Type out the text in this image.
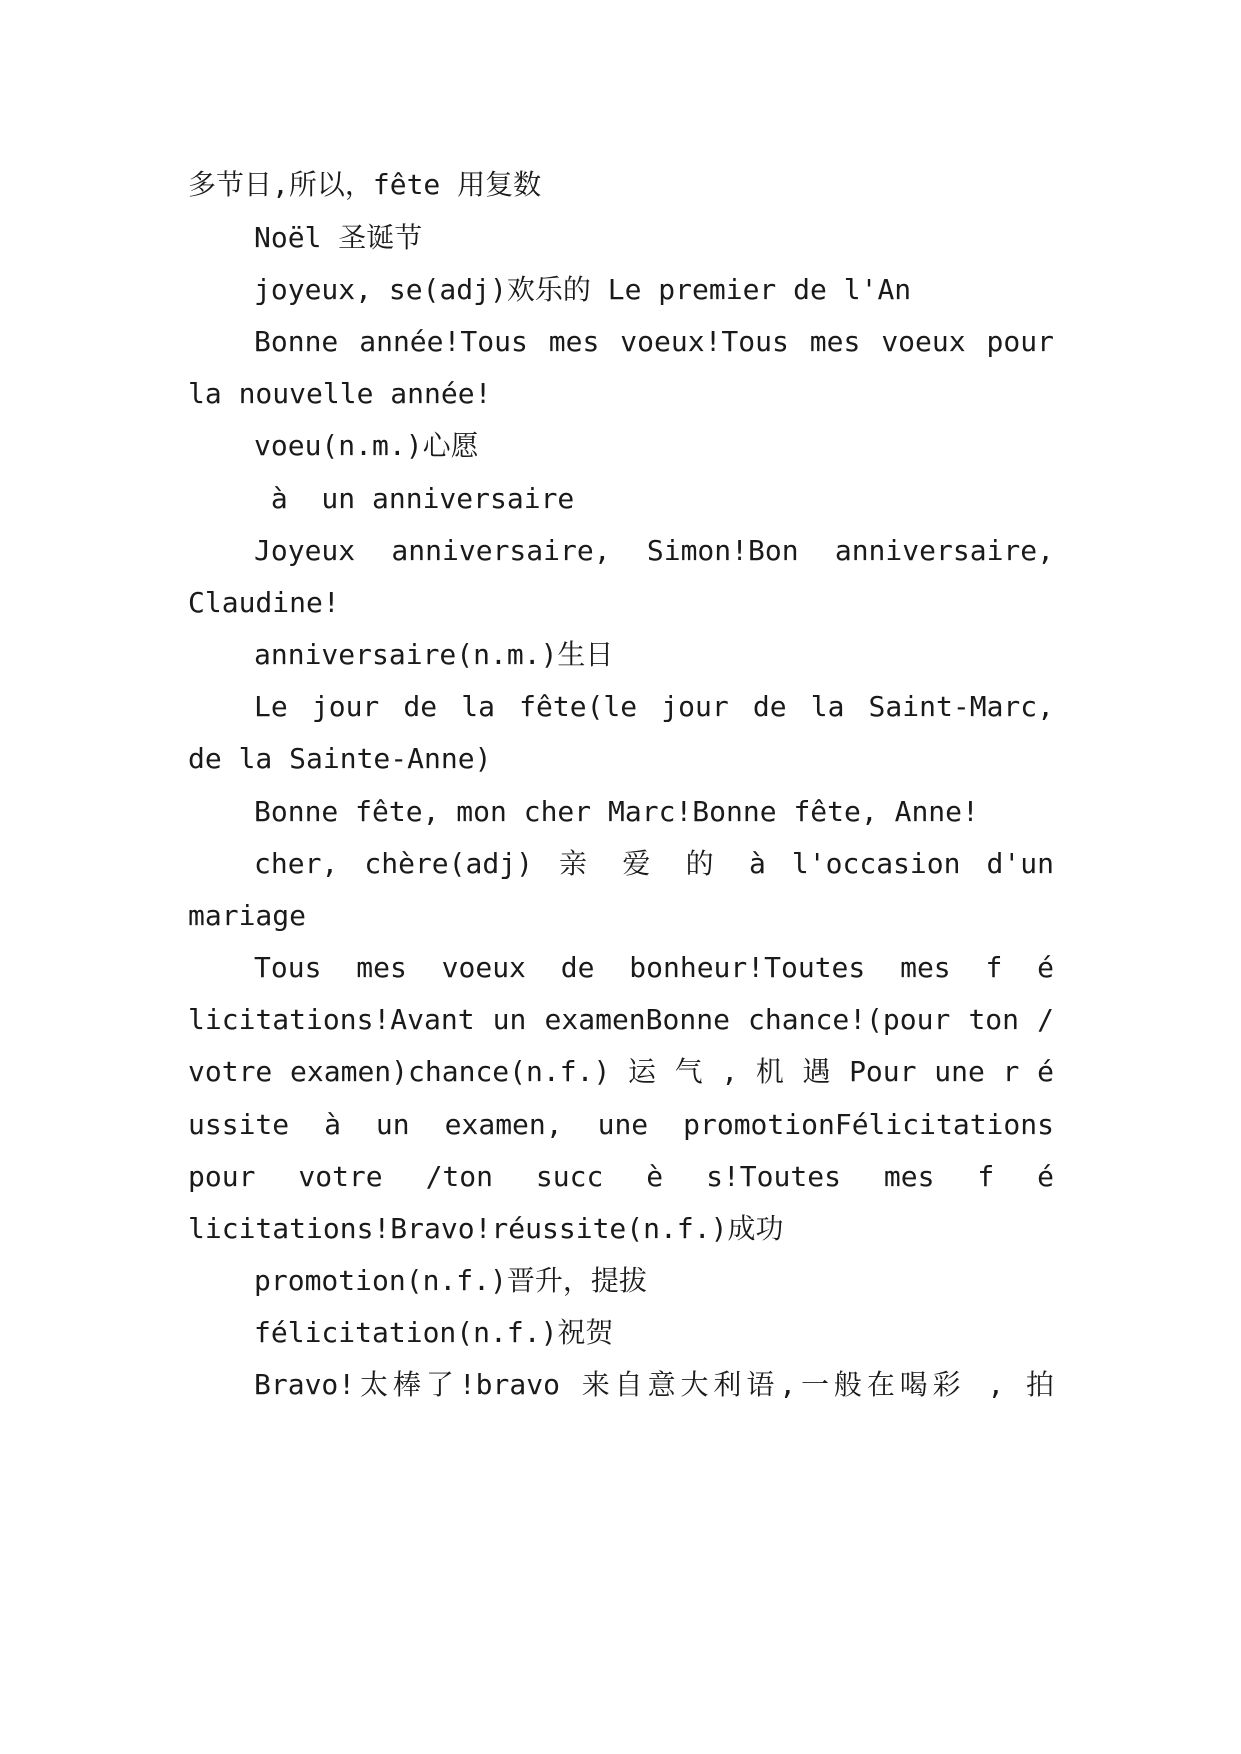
多节日,所以，fête 用复数
Noël 圣诞节
joyeux, se(adj)欢乐的 Le premier de l'An
Bonne année!Tous mes voeux!Tous mes voeux pour
la nouvelle année!
voeu(n.m.)心愿
à  un anniversaire
Joyeux anniversaire, Simon!Bon anniversaire,
Claudine!
anniversaire(n.m.)生日
Le jour de la fête(le jour de la Saint-Marc,
de la Sainte-Anne)
Bonne fête, mon cher Marc!Bonne fête, Anne!
cher, chère(adj) 亲 爱 的 à l'occasion d'un
mariage
Tous mes voeux de bonheur!Toutes mes f é
licitations!Avant un examenBonne chance!(pour ton /
votre examen)chance(n.f.) 运 气 , 机 遇 Pour une r é
ussite à un examen, une promotionFélicitations
pour votre /ton succ è s!Toutes mes f é
licitations!Bravo!réussite(n.f.)成功
promotion(n.f.)晋升，提拔
félicitation(n.f.)祝贺
Bravo!太棒了!bravo 来自意大利语,一般在喝彩 , 拍
